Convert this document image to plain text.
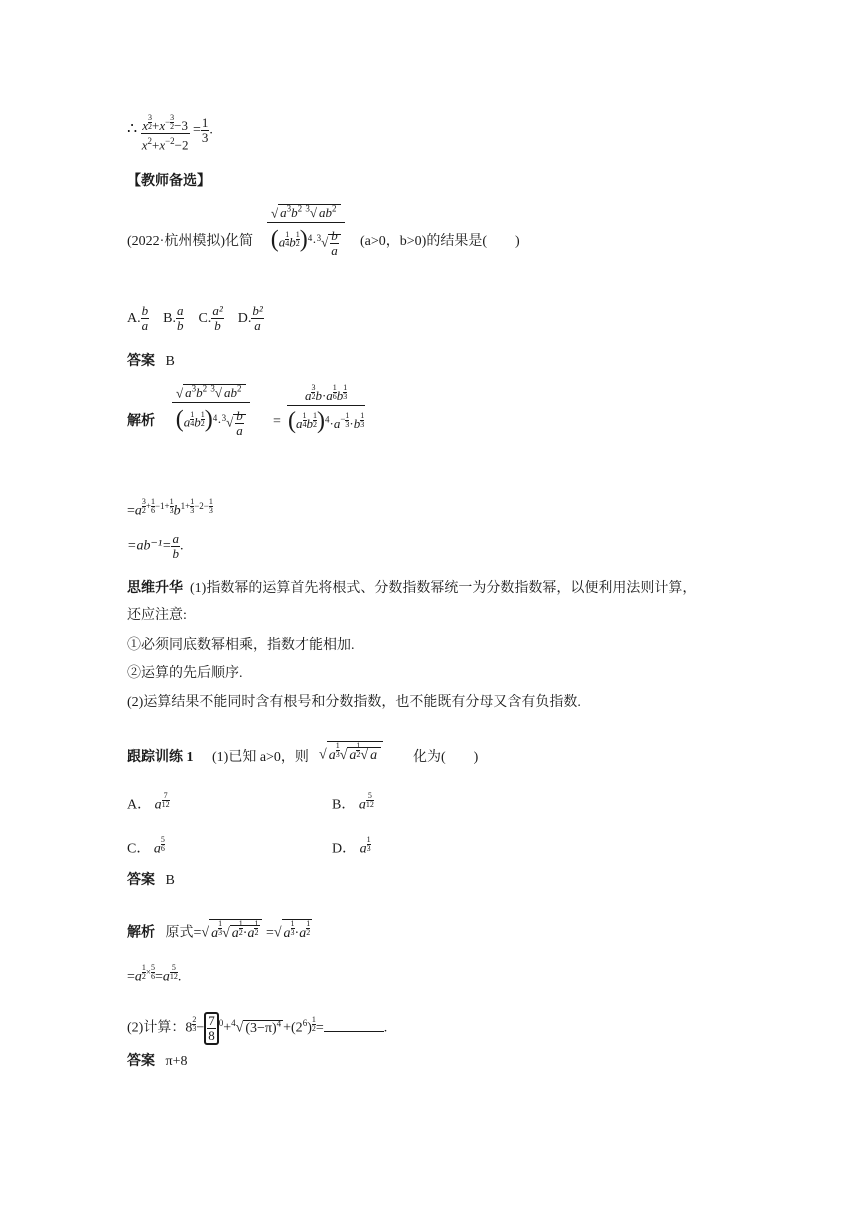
∴ x $^{\frac{3}{2}} +x^{- \frac{3}{2}} -3$
$x^2+x^{-2}-2 = \frac{1}{3}$ .
【教师备选】
(2022·杭州模拟)化简
√ $a^3b^2$ $^3$√ $ab^2$
(a $^{\frac{1}{4}}$ b $^{\frac{1}{2}}$ )$^4\cdot^3√ \frac{b}{a} (a>0$，b>0)的结果是(　　)
A. $\frac{b}{a} B$. $\frac{a}{b} C$. $\frac{\text{a²}}{b} D$. $\frac{\text{b²}}{a}$
答案 B
解析
√ $a^3b^2$ $^3$√ $ab^2$
(a $^{\frac{1}{4}}$ b $^{\frac{1}{2}}$ )$^4\cdot^3√ \frac{b}{a}$ =
a $^{\frac{3}{2}}$ b·a $^{\frac{1}{6}}$ b $^{\frac{1}{3}}$
(a $^{\frac{1}{4}}$ b $^{\frac{1}{2}}$ )$^4\cdot a^{- \frac{1}{3}} \cdot b$ $^{\frac{1}{3}}$
=a $^{\frac{3}{2} + \frac{1}{6} -1+ \frac{1}{3}}$ $b^{1+ \frac{1}{3} -2- \frac{1}{3}}$
$=ab^{-1}= \frac{a}{b}$ .
思维升华 (1)指数幂的运算首先将根式、分数指数幂统一为分数指数幂，以便利用法则计算，
还应注意:
①必须同底数幂相乘，指数才能相加.
②运算的先后顺序.
(2)运算结果不能同时含有根号和分数指数，也不能既有分母又含有负指数.
跟踪训练 1 (1)已知 a>0，则 √ a $^{\frac{1}{3}}$ √ a $^{\frac{1}{2}}$ √ a	化为(　　)
A． a $^{\frac{7}{12}}$	B． a $^{\frac{5}{12}}$
C． a $^{\frac{5}{6}}$	D． a $^{\frac{1}{3}}$
答案 B
解析 原式=√ a $^{\frac{1}{3}}$ √ a $^{\frac{1}{2}}$ ·a $^{\frac{1}{2}}$ =√ a $^{\frac{1}{3}}$ ·a $^{\frac{1}{2}}$
=a $^{\frac{1}{2} \times \frac{5}{6}}$ =a $^{\frac{5}{12}}$ .
(2)计算：8 $^{\frac{2}{3}} - \frac{7}{8} ^0+^4√$ $(3-\pi)^4 +(2^6) ^{\frac{1}{2}}$ =	.
答案 π+8
